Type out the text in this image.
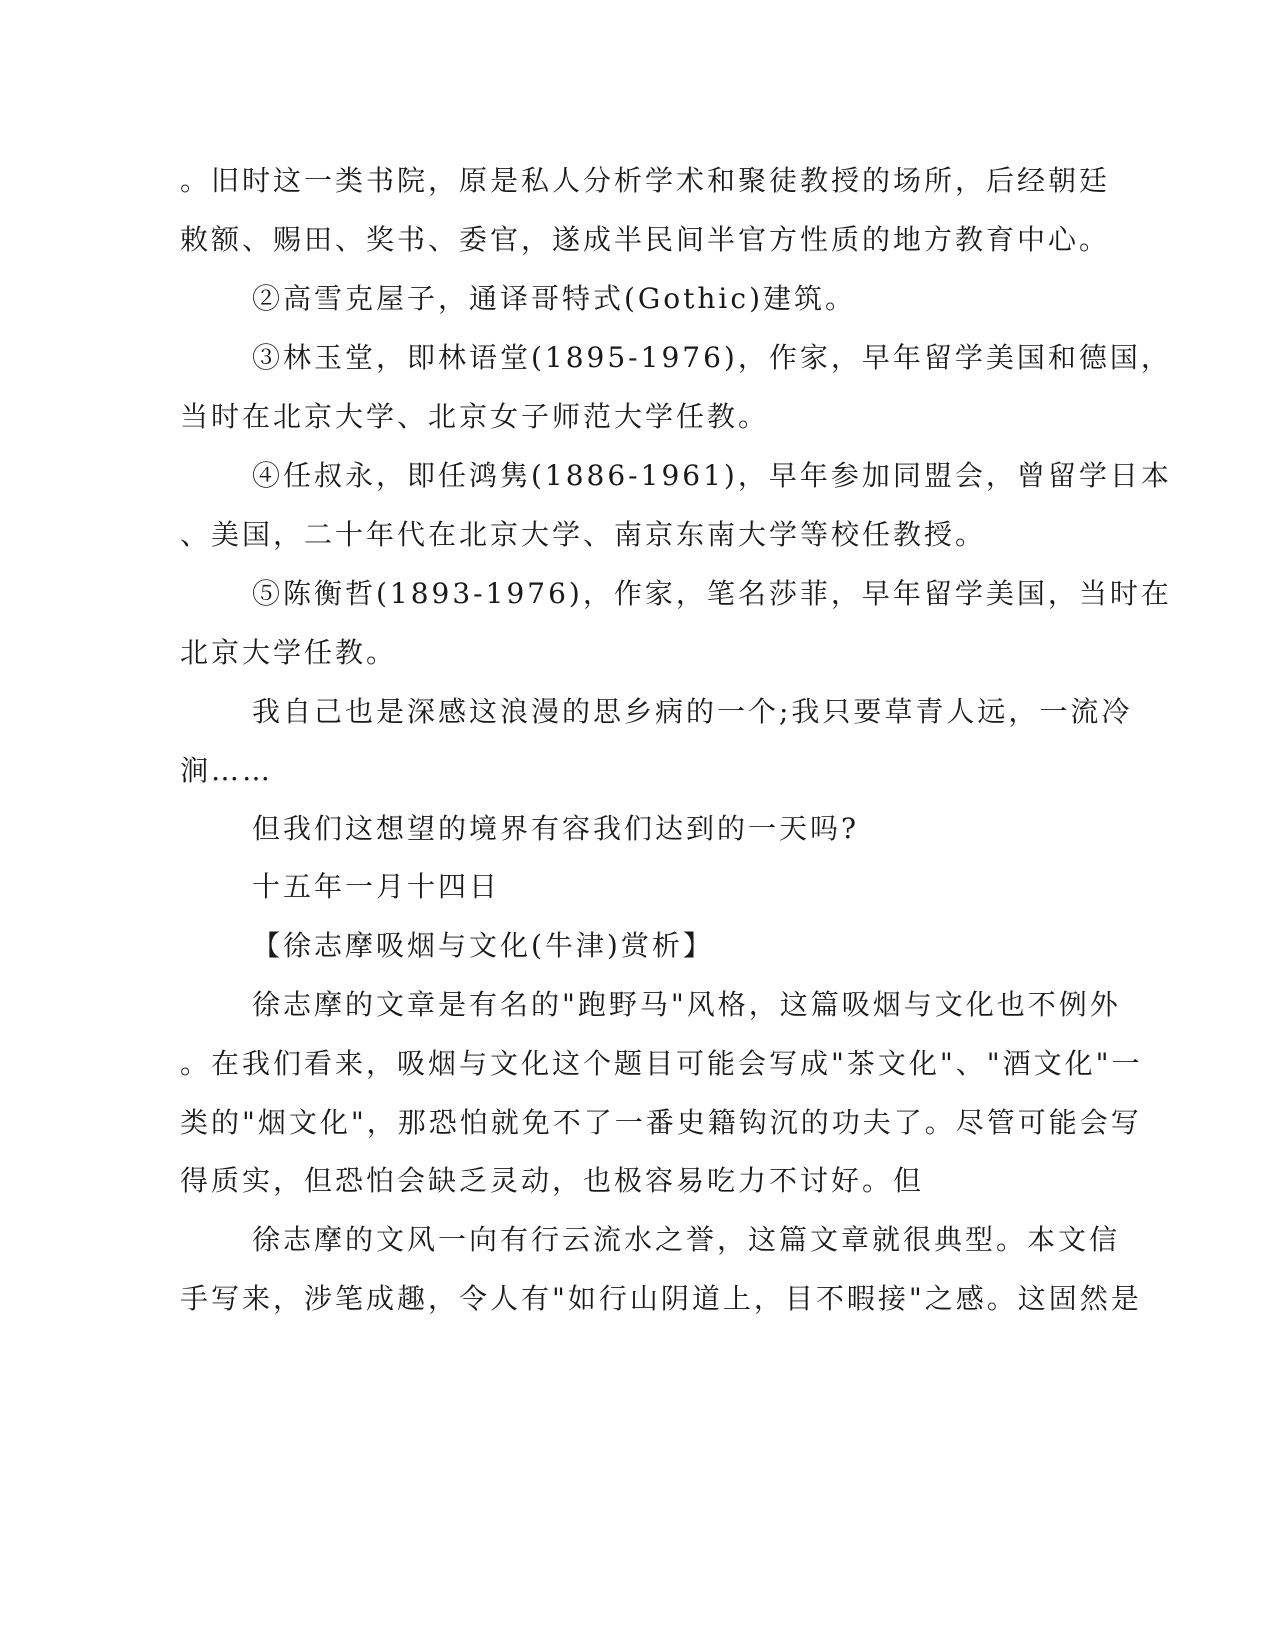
。旧时这一类书院，原是私人分析学术和聚徒教授的场所，后经朝廷
敕额、赐田、奖书、委官，遂成半民间半官方性质的地方教育中心。
②高雪克屋子，通译哥特式(Gothic)建筑。
③林玉堂，即林语堂(1895-1976)，作家，早年留学美国和德国，
当时在北京大学、北京女子师范大学任教。
④任叔永，即任鸿隽(1886-1961)，早年参加同盟会，曾留学日本
、美国，二十年代在北京大学、南京东南大学等校任教授。
⑤陈衡哲(1893-1976)，作家，笔名莎菲，早年留学美国，当时在
北京大学任教。
我自己也是深感这浪漫的思乡病的一个;我只要草青人远，一流冷
涧……
但我们这想望的境界有容我们达到的一天吗?
十五年一月十四日
【徐志摩吸烟与文化(牛津)赏析】
徐志摩的文章是有名的"跑野马"风格，这篇吸烟与文化也不例外
。在我们看来，吸烟与文化这个题目可能会写成"茶文化"、"酒文化"一
类的"烟文化"，那恐怕就免不了一番史籍钩沉的功夫了。尽管可能会写
得质实，但恐怕会缺乏灵动，也极容易吃力不讨好。但
徐志摩的文风一向有行云流水之誉，这篇文章就很典型。本文信
手写来，涉笔成趣，令人有"如行山阴道上，目不暇接"之感。这固然是
